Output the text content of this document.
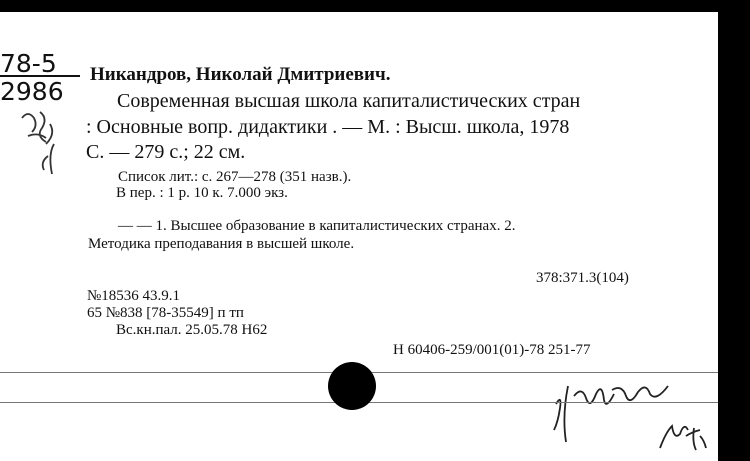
78-5
2986
Никандров, Николай Дмитриевич.
Современная высшая школа капиталистических стран
: Основные вопр. дидактики . — М. : Высш. школа, 1978
С. — 279 с.; 22 см.
Список лит.: с. 267—278 (351 назв.).
В пер. : 1 р. 10 к. 7.000 экз.
— — 1. Высшее образование в капиталистических странах. 2.
Методика преподавания в высшей школе.
378:371.3(104)
№18536 43.9.1
65 №838 [78-35549] п тп
Вс.кн.пал. 25.05.78 Н62
Н 60406-259/001(01)-78 251-77
